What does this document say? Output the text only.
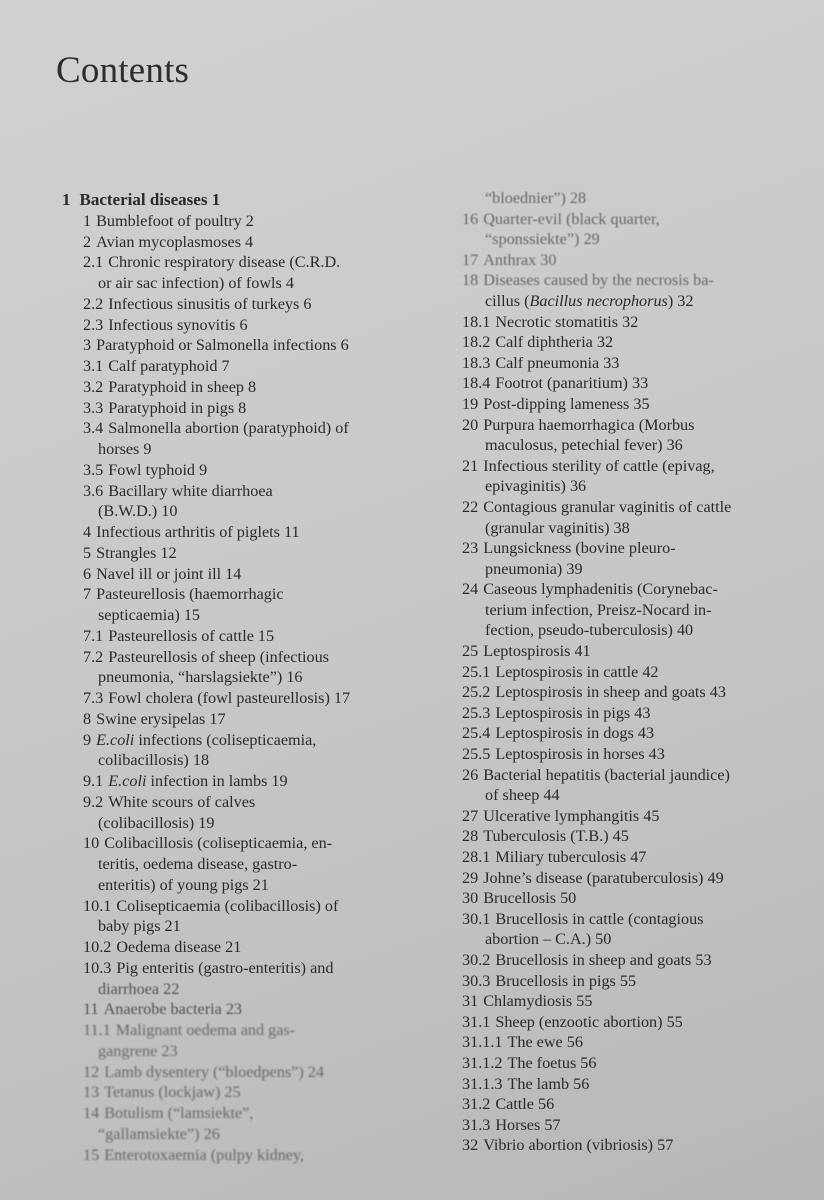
Contents
1 Bacterial diseases 1
1 Bumblefoot of poultry 2
2 Avian mycoplasmoses 4
2.1 Chronic respiratory disease (C.R.D.
or air sac infection) of fowls 4
2.2 Infectious sinusitis of turkeys 6
2.3 Infectious synovitis 6
3 Paratyphoid or Salmonella infections 6
3.1 Calf paratyphoid 7
3.2 Paratyphoid in sheep 8
3.3 Paratyphoid in pigs 8
3.4 Salmonella abortion (paratyphoid) of
horses 9
3.5 Fowl typhoid 9
3.6 Bacillary white diarrhoea
(B.W.D.) 10
4 Infectious arthritis of piglets 11
5 Strangles 12
6 Navel ill or joint ill 14
7 Pasteurellosis (haemorrhagic
septicaemia) 15
7.1 Pasteurellosis of cattle 15
7.2 Pasteurellosis of sheep (infectious
pneumonia, “harslagsiekte”) 16
7.3 Fowl cholera (fowl pasteurellosis) 17
8 Swine erysipelas 17
9 E.coli infections (colisepticaemia,
colibacillosis) 18
9.1 E.coli infection in lambs 19
9.2 White scours of calves
(colibacillosis) 19
10 Colibacillosis (colisepticaemia, en-
teritis, oedema disease, gastro-
enteritis) of young pigs 21
10.1 Colisepticaemia (colibacillosis) of
baby pigs 21
10.2 Oedema disease 21
10.3 Pig enteritis (gastro-enteritis) and
diarrhoea 22
11 Anaerobe bacteria 23
11.1 Malignant oedema and gas-
gangrene 23
12 Lamb dysentery (“bloedpens”) 24
13 Tetanus (lockjaw) 25
14 Botulism (“lamsiekte”,
“gallamsiekte”) 26
15 Enterotoxaemia (pulpy kidney,
“bloednier”) 28
16 Quarter-evil (black quarter,
“sponssiekte”) 29
17 Anthrax 30
18 Diseases caused by the necrosis ba-
cillus (Bacillus necrophorus) 32
18.1 Necrotic stomatitis 32
18.2 Calf diphtheria 32
18.3 Calf pneumonia 33
18.4 Footrot (panaritium) 33
19 Post-dipping lameness 35
20 Purpura haemorrhagica (Morbus
maculosus, petechial fever) 36
21 Infectious sterility of cattle (epivag,
epivaginitis) 36
22 Contagious granular vaginitis of cattle
(granular vaginitis) 38
23 Lungsickness (bovine pleuro-
pneumonia) 39
24 Caseous lymphadenitis (Corynebac-
terium infection, Preisz-Nocard in-
fection, pseudo-tuberculosis) 40
25 Leptospirosis 41
25.1 Leptospirosis in cattle 42
25.2 Leptospirosis in sheep and goats 43
25.3 Leptospirosis in pigs 43
25.4 Leptospirosis in dogs 43
25.5 Leptospirosis in horses 43
26 Bacterial hepatitis (bacterial jaundice)
of sheep 44
27 Ulcerative lymphangitis 45
28 Tuberculosis (T.B.) 45
28.1 Miliary tuberculosis 47
29 Johne’s disease (paratuberculosis) 49
30 Brucellosis 50
30.1 Brucellosis in cattle (contagious
abortion – C.A.) 50
30.2 Brucellosis in sheep and goats 53
30.3 Brucellosis in pigs 55
31 Chlamydiosis 55
31.1 Sheep (enzootic abortion) 55
31.1.1 The ewe 56
31.1.2 The foetus 56
31.1.3 The lamb 56
31.2 Cattle 56
31.3 Horses 57
32 Vibrio abortion (vibriosis) 57
